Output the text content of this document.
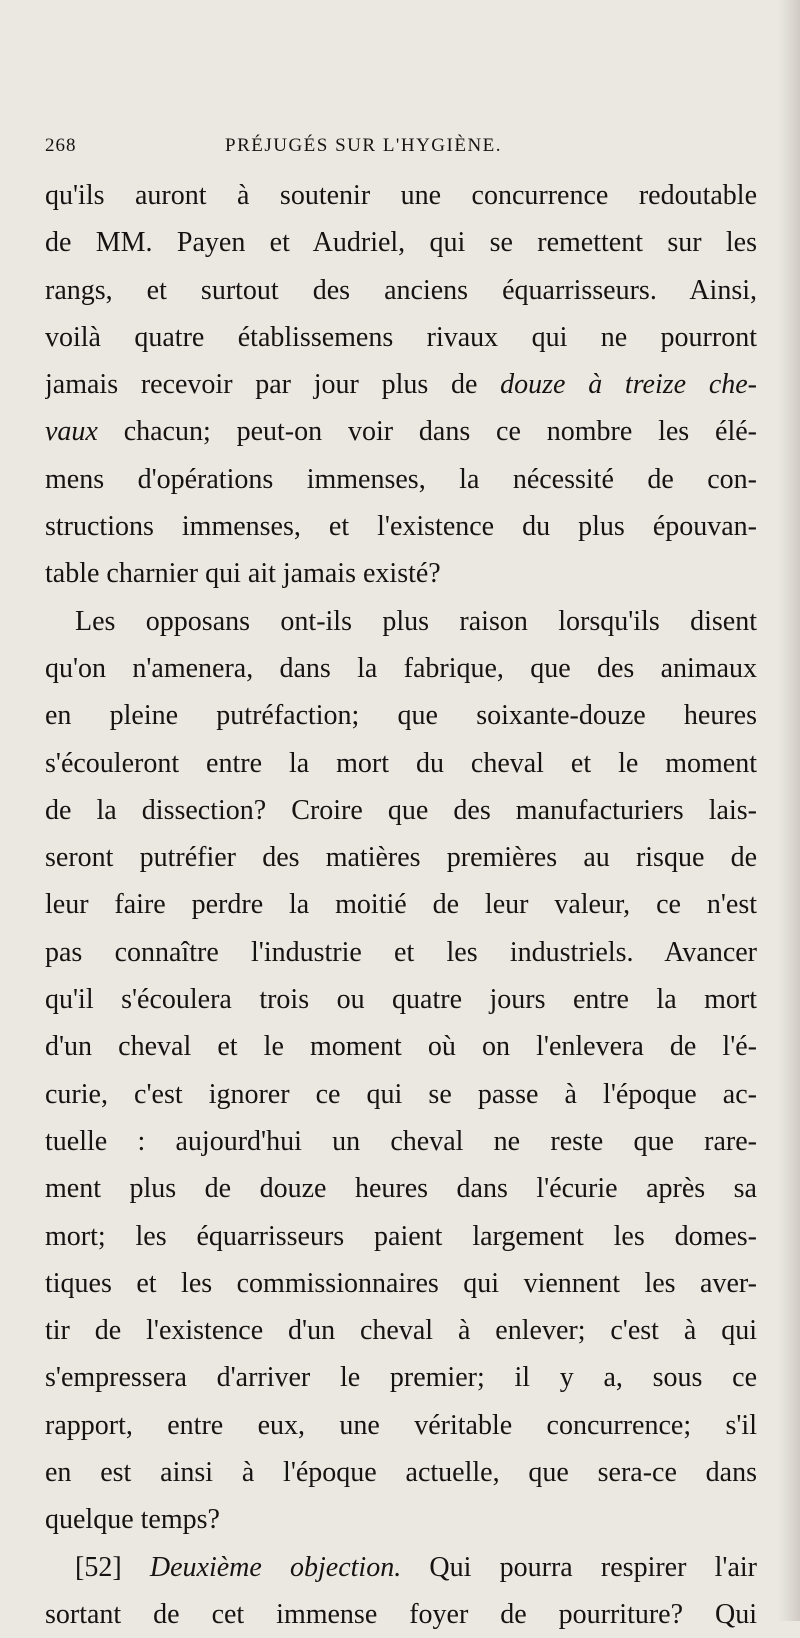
268	PRÉJUGÉS SUR L'HYGIÈNE.
qu'ils auront à soutenir une concurrence redoutable
de MM. Payen et Audriel, qui se remettent sur les
rangs, et surtout des anciens équarrisseurs. Ainsi,
voilà quatre établissemens rivaux qui ne pourront
jamais recevoir par jour plus de douze à treize che-
vaux chacun; peut-on voir dans ce nombre les élé-
mens d'opérations immenses, la nécessité de con-
structions immenses, et l'existence du plus épouvan-
table charnier qui ait jamais existé?
Les opposans ont-ils plus raison lorsqu'ils disent
qu'on n'amenera, dans la fabrique, que des animaux
en pleine putréfaction; que soixante-douze heures
s'écouleront entre la mort du cheval et le moment
de la dissection? Croire que des manufacturiers lais-
seront putréfier des matières premières au risque de
leur faire perdre la moitié de leur valeur, ce n'est
pas connaître l'industrie et les industriels. Avancer
qu'il s'écoulera trois ou quatre jours entre la mort
d'un cheval et le moment où on l'enlevera de l'é-
curie, c'est ignorer ce qui se passe à l'époque ac-
tuelle : aujourd'hui un cheval ne reste que rare-
ment plus de douze heures dans l'écurie après sa
mort; les équarrisseurs paient largement les domes-
tiques et les commissionnaires qui viennent les aver-
tir de l'existence d'un cheval à enlever; c'est à qui
s'empressera d'arriver le premier; il y a, sous ce
rapport, entre eux, une véritable concurrence; s'il
en est ainsi à l'époque actuelle, que sera-ce dans
quelque temps?
[52] Deuxième objection. Qui pourra respirer l'air
sortant de cet immense foyer de pourriture? Qui
